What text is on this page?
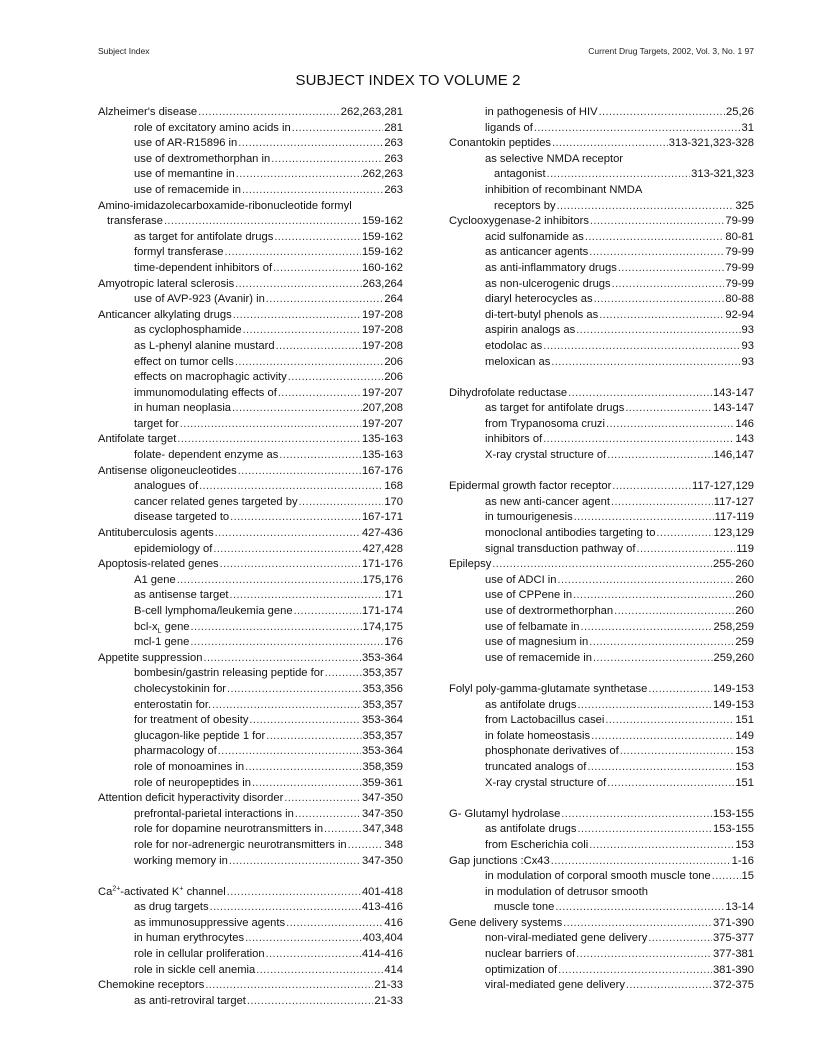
Subject Index	Current Drug Targets, 2002, Vol. 3, No. 1 97
SUBJECT INDEX TO VOLUME 2
Alzheimer's disease .....	262,263,281
role of excitatory amino acids in .....	281
use of AR-R15896 in .....	263
use of dextromethorphan in .....	263
use of memantine in .....	262,263
use of remacemide in .....	263
Amino-imidazolecarboxamide-ribonucleotide formyl
transferase .....	159-162
as target for antifolate drugs .....	159-162
formyl transferase .....	159-162
time-dependent inhibitors of .....	160-162
Amyotropic lateral sclerosis .....	263,264
use of AVP-923 (Avanir) in .....	264
Anticancer alkylating drugs .....	197-208
as cyclophosphamide .....	197-208
as L-phenyl alanine mustard .....	197-208
effect on tumor cells .....	206
effects on macrophagic activity .....	206
immunomodulating effects of .....	197-207
in human neoplasia .....	207,208
target for .....	197-207
Antifolate target .....	135-163
folate- dependent enzyme as .....	135-163
Antisense oligoneucleotides .....	167-176
analogues of .....	168
cancer related genes targeted by .....	170
disease targeted to .....	167-171
Antituberculosis agents .....	427-436
epidemiology of .....	427,428
Apoptosis-related genes .....	171-176
A1 gene .....	175,176
as antisense target .....	171
B-cell lymphoma/leukemia gene .....	171-174
bcl-$x_L$ gene .....	174,175
mcl-1 gene .....	176
Appetite suppression .....	353-364
bombesin/gastrin releasing peptide for .....	353,357
cholecystokinin for .....	353,356
enterostatin for. .....	353,357
for treatment of obesity .....	353-364
glucagon-like peptide 1 for .....	353,357
pharmacology of .....	353-364
role of monoamines in .....	358,359
role of neuropeptides in .....	359-361
Attention deficit hyperactivity disorder .....	347-350
prefrontal-parietal interactions in .....	347-350
role for dopamine neurotransmitters in .....	347,348
role for nor-adrenergic neurotransmitters in .....	348
working memory in .....	347-350
$Ca^{2+}$-activated K+ channel .....	401-418
as drug targets .....	413-416
as immunosuppressive agents .....	416
in human erythrocytes .....	403,404
role in cellular proliferation .....	414-416
role in sickle cell anemia .....	414
Chemokine receptors .....	21-33
as anti-retroviral target .....	21-33
in pathogenesis of HIV .....	25,26
ligands of .....	31
Conantokin peptides .....	313-321,323-328
as selective NMDA receptor
antagonist .....	313-321,323
inhibition of recombinant NMDA
receptors by .....	325
Cyclooxygenase-2 inhibitors .....	79-99
acid sulfonamide as .....	80-81
as anticancer agents .....	79-99
as anti-inflammatory drugs .....	79-99
as non-ulcerogenic drugs .....	79-99
diaryl heterocycles as .....	80-88
di-tert-butyl phenols as .....	92-94
aspirin analogs as .....	93
etodolac as .....	93
meloxican as .....	93
Dihydrofolate reductase .....	143-147
as target for antifolate drugs .....	143-147
from Trypanosoma cruzi .....	146
inhibitors of .....	143
X-ray crystal structure of .....	146,147
Epidermal growth factor receptor .....	117-127,129
as new anti-cancer agent .....	117-127
in tumourigenesis .....	117-119
monoclonal antibodies targeting to .....	123,129
signal transduction pathway of .....	119
Epilepsy .....	255-260
use of ADCI in .....	260
use of CPPene in .....	260
use of dextrormethorphan .....	260
use of felbamate in .....	258,259
use of magnesium in .....	259
use of remacemide in .....	259,260
Folyl poly-gamma-glutamate synthetase .....	149-153
as antifolate drugs .....	149-153
from Lactobacillus casei .....	151
in folate homeostasis .....	149
phosphonate derivatives of .....	153
truncated analogs of .....	153
X-ray crystal structure of .....	151
G- Glutamyl hydrolase .....	153-155
as antifolate drugs .....	153-155
from Escherichia coli .....	153
Gap junctions :Cx43 .....	1-16
in modulation of corporal smooth muscle tone .....	15
in modulation of detrusor smooth
muscle tone .....	13-14
Gene delivery systems .....	371-390
non-viral-mediated gene delivery .....	375-377
nuclear barriers of .....	377-381
optimization of .....	381-390
viral-mediated gene delivery .....	372-375
